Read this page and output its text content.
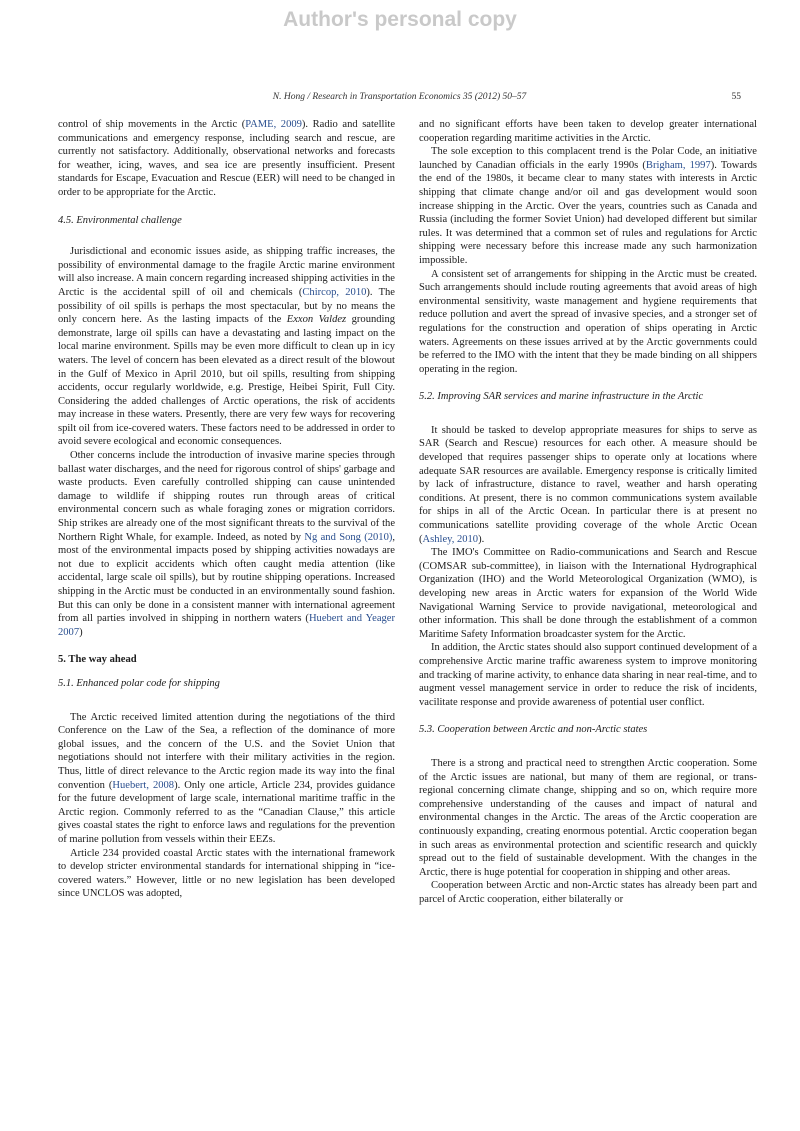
Author's personal copy
N. Hong / Research in Transportation Economics 35 (2012) 50–57	55

control of ship movements in the Arctic (PAME, 2009). Radio and satellite communications and emergency response, including search and rescue, are currently not satisfactory. Additionally, observational networks and forecasts for weather, icing, waves, and sea ice are presently insufficient. Present standards for Escape, Evacuation and Rescue (EER) will need to be changed in order to be appropriate for the Arctic.

4.5. Environmental challenge

Jurisdictional and economic issues aside, as shipping traffic increases, the possibility of environmental damage to the fragile Arctic marine environment will also increase. A main concern regarding increased shipping activities in the Arctic is the accidental spill of oil and chemicals (Chircop, 2010). The possibility of oil spills is perhaps the most spectacular, but by no means the only concern here. As the lasting impacts of the Exxon Valdez grounding demonstrate, large oil spills can have a devastating and lasting impact on the local marine environment. Spills may be even more difficult to clean up in icy waters. The level of concern has been elevated as a direct result of the blowout in the Gulf of Mexico in April 2010, but oil spills, resulting from shipping accidents, occur regularly worldwide, e.g. Prestige, Heibei Spirit, Full City. Considering the added challenges of Arctic operations, the risk of accidents may increase in these waters. Presently, there are very few ways for recovering spilt oil from ice-covered waters. These factors need to be addressed in order to avoid severe ecological and economic consequences.

Other concerns include the introduction of invasive marine species through ballast water discharges, and the need for rigorous control of ships' garbage and waste products. Even carefully controlled shipping can cause unintended damage to wildlife if shipping routes run through areas of critical environmental concern such as whale foraging zones or migration corridors. Ship strikes are already one of the most significant threats to the survival of the Northern Right Whale, for example. Indeed, as noted by Ng and Song (2010), most of the environmental impacts posed by shipping activities nowadays are not due to explicit accidents which often caught media attention (like accidental, large scale oil spills), but by routine shipping operations. Increased shipping in the Arctic must be conducted in an environmentally sound fashion. But this can only be done in a consistent manner with international agreement from all parties involved in shipping in northern waters (Huebert and Yeager 2007)

5. The way ahead
5.1. Enhanced polar code for shipping

The Arctic received limited attention during the negotiations of the third Conference on the Law of the Sea, a reflection of the dominance of more global issues, and the concern of the U.S. and the Soviet Union that negotiations should not interfere with their military activities in the region. Thus, little of direct relevance to the Arctic region made its way into the final convention (Huebert, 2008). Only one article, Article 234, provides guidance for the future development of large scale, international maritime traffic in the Arctic region. Commonly referred to as the “Canadian Clause,” this article gives coastal states the right to enforce laws and regulations for the prevention of marine pollution from vessels within their EEZs.

Article 234 provided coastal Arctic states with the international framework to develop stricter environmental standards for international shipping in “ice-covered waters.” However, little or no new legislation has been developed since UNCLOS was adopted,

and no significant efforts have been taken to develop greater international cooperation regarding maritime activities in the Arctic.

The sole exception to this complacent trend is the Polar Code, an initiative launched by Canadian officials in the early 1990s (Brigham, 1997). Towards the end of the 1980s, it became clear to many states with interests in Arctic shipping that climate change and/or oil and gas development would soon increase shipping in the Arctic. Over the years, countries such as Canada and Russia (including the former Soviet Union) had developed different but similar rules. It was determined that a common set of rules and regulations for Arctic shipping were necessary before this increase made any such harmonization impossible.

A consistent set of arrangements for shipping in the Arctic must be created. Such arrangements should include routing agreements that avoid areas of high environmental sensitivity, waste management and hygiene requirements that reduce pollution and avert the spread of invasive species, and a stronger set of regulations for the construction and operation of ships operating in Arctic waters. Agreements on these issues arrived at by the Arctic governments could be referred to the IMO with the intent that they be made binding on all shippers operating in the region.

5.2. Improving SAR services and marine infrastructure in the Arctic

It should be tasked to develop appropriate measures for ships to serve as SAR (Search and Rescue) resources for each other. A measure should be developed that requires passenger ships to operate only at locations where adequate SAR resources are available. Emergency response is critically limited by lack of infrastructure, distance to ravel, weather and harsh operating conditions. At present, there is no common communications system available for ships in all of the Arctic Ocean. In particular there is at present no communications satellite providing coverage of the whole Arctic Ocean (Ashley, 2010).

The IMO's Committee on Radio-communications and Search and Rescue (COMSAR sub-committee), in liaison with the International Hydrographical Organization (IHO) and the World Meteorological Organization (WMO), is developing new areas in Arctic waters for expansion of the World Wide Navigational Warning Service to provide navigational, meteorological and other information. This shall be done through the establishment of a common Maritime Safety Information broadcaster system for the Arctic.

In addition, the Arctic states should also support continued development of a comprehensive Arctic marine traffic awareness system to improve monitoring and tracking of marine activity, to enhance data sharing in near real-time, and to augment vessel management service in order to reduce the risk of incidents, vacilitate response and provide awareness of potential user conflict.

5.3. Cooperation between Arctic and non-Arctic states

There is a strong and practical need to strengthen Arctic cooperation. Some of the Arctic issues are national, but many of them are regional, or trans-regional concerning climate change, shipping and so on, which require more comprehensive understanding of the causes and impact of natural and environmental changes in the Arctic. The areas of the Arctic cooperation are continuously expanding, creating enormous potential. Arctic cooperation began in such areas as environmental protection and scientific research and quickly spread out to the field of sustainable development. With the changes in the Arctic, there is huge potential for cooperation in shipping and other areas.

Cooperation between Arctic and non-Arctic states has already been part and parcel of Arctic cooperation, either bilaterally or
